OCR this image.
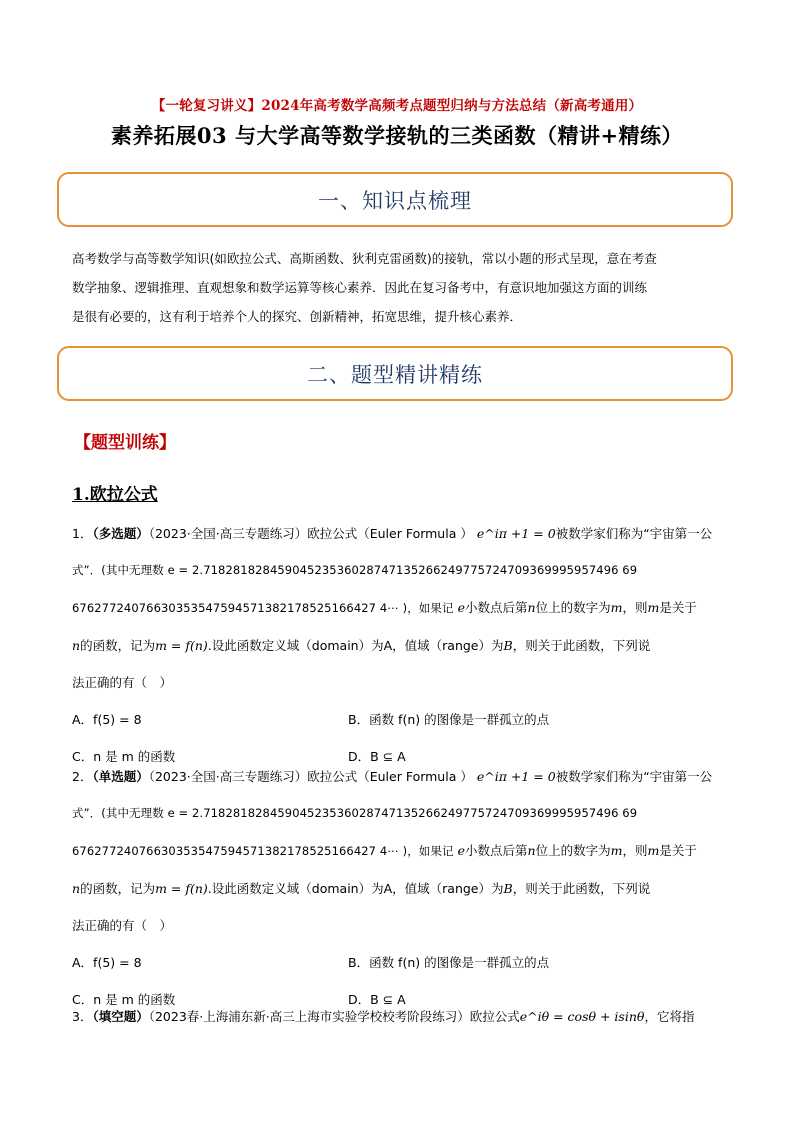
【一轮复习讲义】2024年高考数学高频考点题型归纳与方法总结（新高考通用）
素养拓展03 与大学高等数学接轨的三类函数（精讲+精练）
一、知识点梳理
高考数学与高等数学知识(如欧拉公式、高斯函数、狄利克雷函数)的接轨，常以小题的形式呈现，意在考查
数学抽象、逻辑推理、直观想象和数学运算等核心素养．因此在复习备考中，有意识地加强这方面的训练
是很有必要的，这有利于培养个人的探究、创新精神，拓宽思维，提升核心素养．
二、题型精讲精练
【题型训练】
1.欧拉公式
1．（多选题）（2023·全国·高三专题练习）欧拉公式（Euler Formula ） e^iπ +1 = 0被数学家们称为“宇宙第一公
式”．(其中无理数 e = 2.71828182845904523536028747135266249775724709369995957496 69
67627724076630353547594571382178525166427 4⋯ )，如果记 e小数点后第n位上的数字为m，则m是关于
n的函数，记为m = f(n).设此函数定义域（domain）为A，值域（range）为B，则关于此函数，下列说
法正确的有（　）
A．f(5) = 8	B．函数 f(n) 的图像是一群孤立的点
C．n 是 m 的函数	D．B ⊆ A
2．（单选题）（2023·全国·高三专题练习）欧拉公式（Euler Formula ） e^iπ +1 = 0被数学家们称为“宇宙第一公
式”．(其中无理数 e = 2.71828182845904523536028747135266249775724709369995957496 69
67627724076630353547594571382178525166427 4⋯ )，如果记 e小数点后第n位上的数字为m，则m是关于
n的函数，记为m = f(n).设此函数定义域（domain）为A，值域（range）为B，则关于此函数，下列说
法正确的有（　）
A．f(5) = 8	B．函数 f(n) 的图像是一群孤立的点
C．n 是 m 的函数	D．B ⊆ A
3．（填空题）（2023春·上海浦东新·高三上海市实验学校校考阶段练习）欧拉公式e^iθ = cosθ + isinθ，它将指
